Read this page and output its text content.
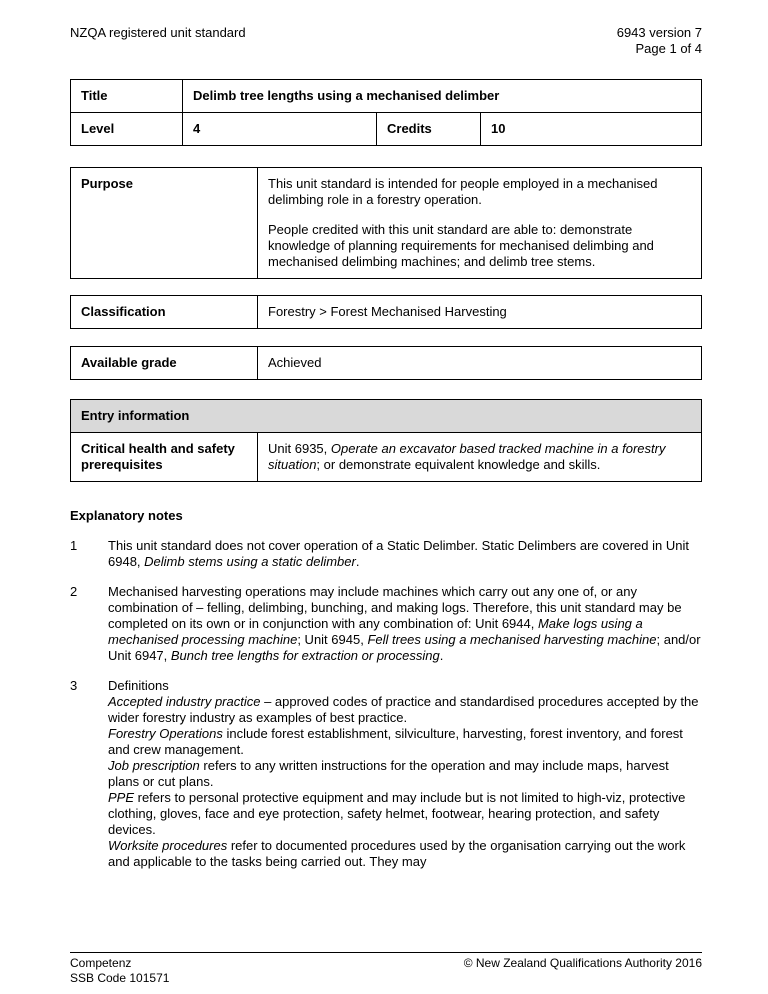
NZQA registered unit standard	6943 version 7
Page 1 of 4
Title	Delimb tree lengths using a mechanised delimber		
Level	4	Credits	10
Purpose	This unit standard is intended for people employed in a mechanised delimbing role in a forestry operation.

People credited with this unit standard are able to: demonstrate knowledge of planning requirements for mechanised delimbing and mechanised delimbing machines; and delimb tree stems.

Classification	Forestry > Forest Mechanised Harvesting
Available grade	Achieved
Entry information
Critical health and safety prerequisites	Unit 6935, Operate an excavator based tracked machine in a forestry situation; or demonstrate equivalent knowledge and skills.
Explanatory notes
1	This unit standard does not cover operation of a Static Delimber. Static Delimbers are covered in Unit 6948, Delimb stems using a static delimber.

2	Mechanised harvesting operations may include machines which carry out any one of, or any combination of – felling, delimbing, bunching, and making logs. Therefore, this unit standard may be completed on its own or in conjunction with any combination of: Unit 6944, Make logs using a mechanised processing machine; Unit 6945, Fell trees using a mechanised harvesting machine; and/or Unit 6947, Bunch tree lengths for extraction or processing.

3	Definitions

Accepted industry practice – approved codes of practice and standardised procedures accepted by the wider forestry industry as examples of best practice.

Forestry Operations include forest establishment, silviculture, harvesting, forest inventory, and forest and crew management.

Job prescription refers to any written instructions for the operation and may include maps, harvest plans or cut plans.

PPE refers to personal protective equipment and may include but is not limited to high-viz, protective clothing, gloves, face and eye protection, safety helmet, footwear, hearing protection, and safety devices.

Worksite procedures refer to documented procedures used by the organisation carrying out the work and applicable to the tasks being carried out. They may

Competenz
SSB Code 101571
© New Zealand Qualifications Authority 2016
